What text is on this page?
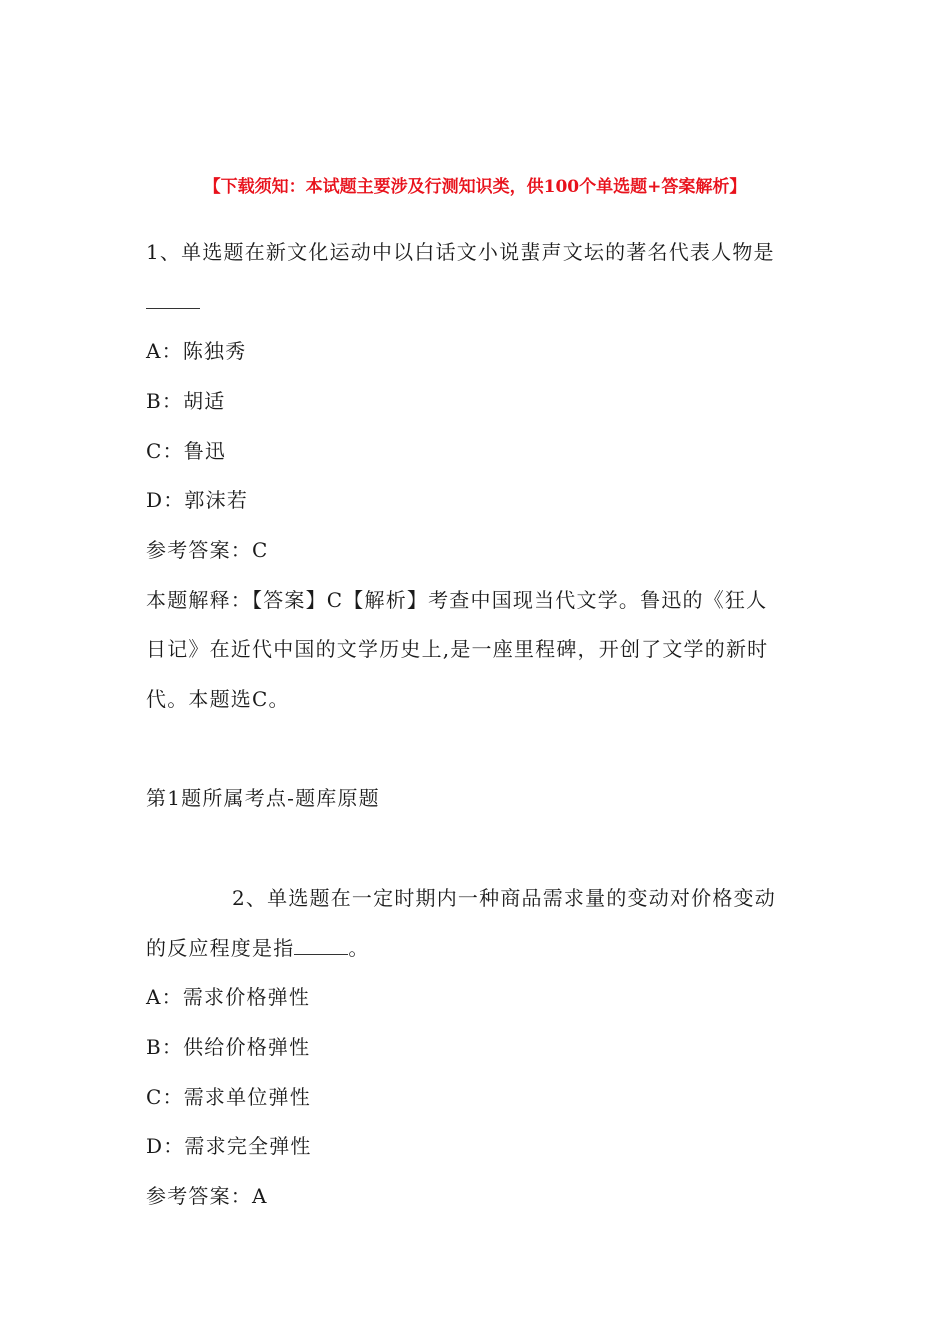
【下载须知：本试题主要涉及行测知识类，供100个单选题+答案解析】
1、单选题在新文化运动中以白话文小说蜚声文坛的著名代表人物是
A：陈独秀
B：胡适
C：鲁迅
D：郭沫若
参考答案：C
本题解释：【答案】C【解析】考查中国现当代文学。鲁迅的《狂人
日记》在近代中国的文学历史上,是一座里程碑，开创了文学的新时
代。本题选C。
第1题所属考点-题库原题
2、单选题在一定时期内一种商品需求量的变动对价格变动
的反应程度是指	。
A：需求价格弹性
B：供给价格弹性
C：需求单位弹性
D：需求完全弹性
参考答案：A
